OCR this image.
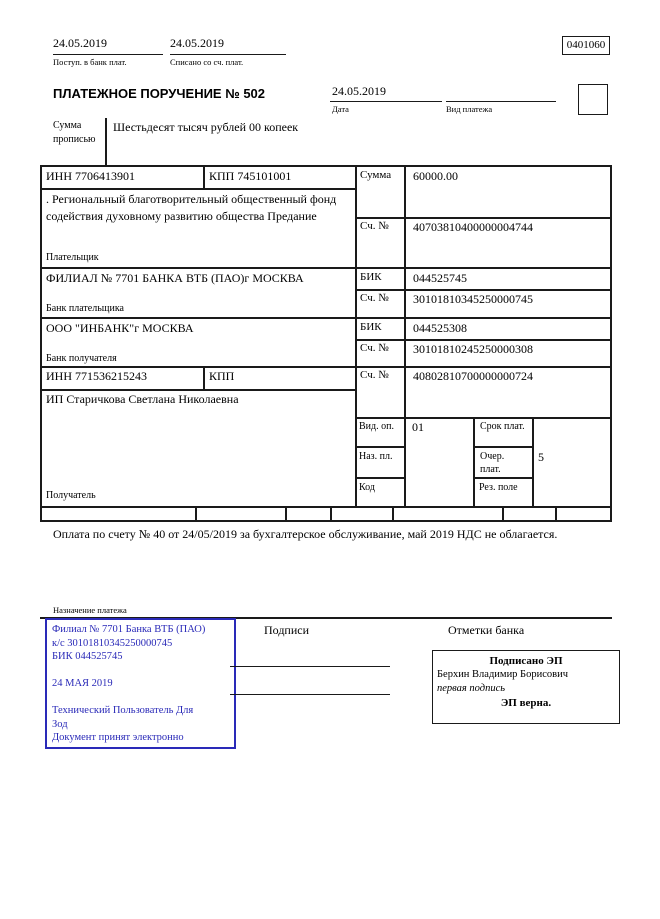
24.05.2019
Поступ. в банк плат.
24.05.2019
Списано со сч. плат.
0401060
ПЛАТЕЖНОЕ ПОРУЧЕНИЕ № 502	24.05.2019
Дата	Вид платежа
Сумма
прописью
Шестьдесят тысяч рублей 00 копеек
ИНН 7706413901	КПП 745101001	Сумма 60000.00
. Региональный благотворительный общественный фонд содействия духовному развитию общества Предание
Сч. № 40703810400000004744
Плательщик
ФИЛИАЛ № 7701 БАНКА ВТБ (ПАО)г МОСКВА	БИК	044525745
Сч. № 30101810345250000745
Банк плательщика
ООО "ИНБАНК"г МОСКВА	БИК	044525308
Сч. № 30101810245250000308
Банк получателя
ИНН 771536215243	КПП	Сч. № 40802810700000000724
ИП Старичкова Светлана Николаевна
Вид. оп. 01	Срок плат.
Наз. пл.	Очер. плат.
5
Код	Рез. поле
Получатель
Оплата по счету № 40 от 24/05/2019 за бухгалтерское обслуживание, май 2019 НДС не облагается.
Назначение платежа
Филиал № 7701 Банка ВТБ (ПАО)
к/с 30101810345250000745
БИК 044525745
24 МАЯ 2019
Технический Пользователь Для
Зод
Документ принят электронно
Подписи	Отметки банка
Подписано ЭП
Берхин Владимир Борисович
первая подпись
ЭП верна.
